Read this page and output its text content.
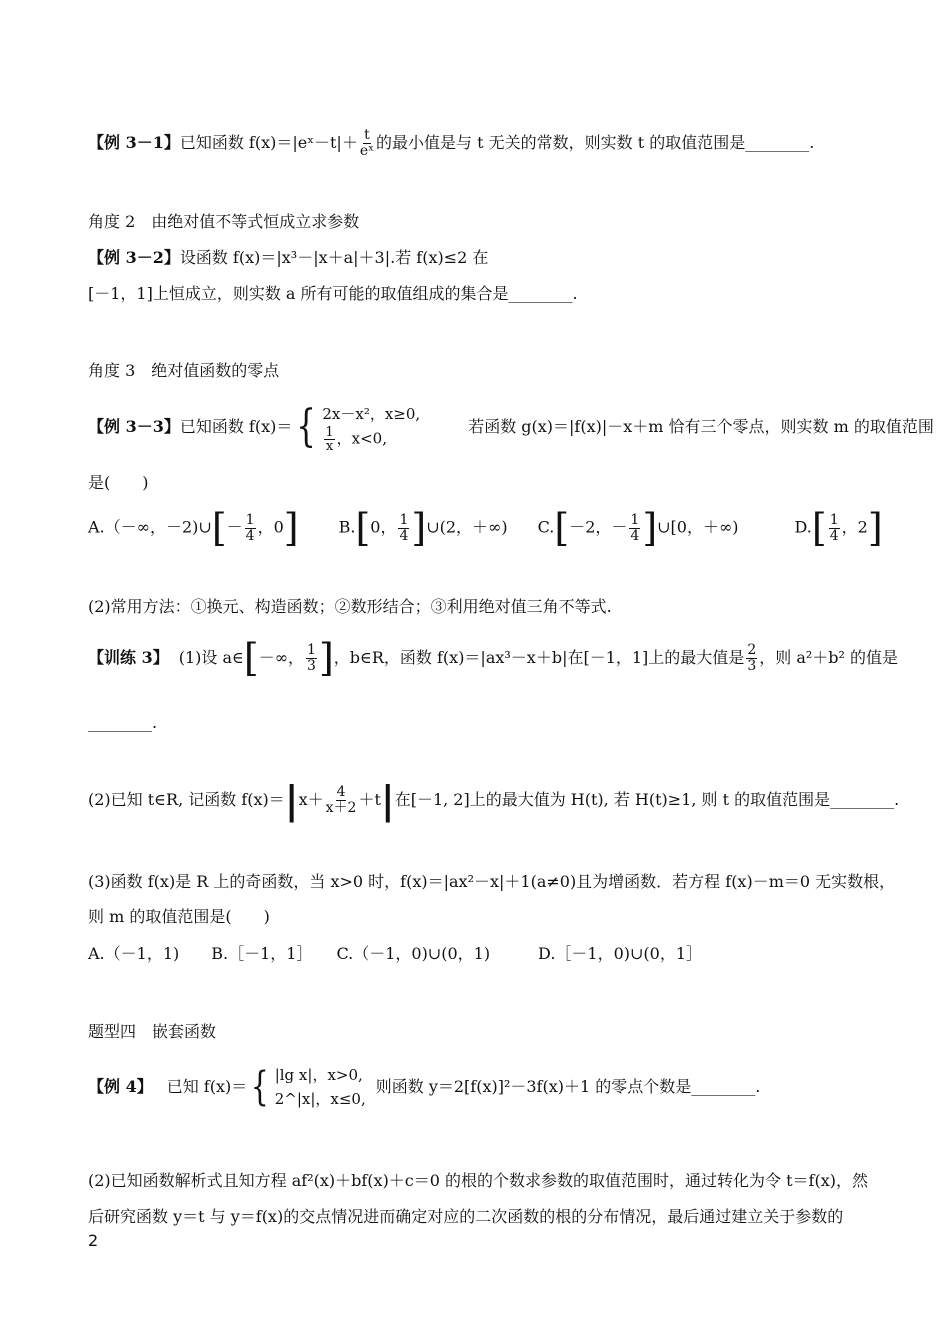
【例 3－1】已知函数 f(x)＝|eˣ－t|＋ $\frac{t}{\text{eˣ}}$ 的最小值是与 t 无关的常数，则实数 t 的取值范围是________.
角度 2　由绝对值不等式恒成立求参数
【例 3－2】设函数 f(x)＝|x³－|x＋a|＋3|.若 f(x)≤2 在
[－1，1]上恒成立，则实数 a 所有可能的取值组成的集合是________.
角度 3　绝对值函数的零点
【例 3－3】 已知函数 f(x)＝ { 2x－x²，x≥0,
$\frac{1}{x}$ ，x<0,
若函数 g(x)＝|f(x)|－x＋m 恰有三个零点，则实数 m 的取值范围
是(　　)
A.（－∞，－2)∪[－ $\frac{1}{4}$ ，0]	B.[0， $\frac{1}{4}$ ]∪(2，＋∞) C.[－2，－ $\frac{1}{4}$ ]∪[0，＋∞)	$D.[ \frac{1}{4}$ ，2]
(2)常用方法：①换元、构造函数；②数形结合；③利用绝对值三角不等式.
【训练 3】 (1)设 a∈ [ －∞， $\frac{1}{3}$ ] ，b∈R，函数 f(x)＝|ax³－x＋b|在[－1，1]上的最大值是 $\frac{2}{3}$ ，则 a²＋b² 的值是
________.
(2)已知 t∈R, 记函数 f(x)＝ | $x+ \frac{4}{x+2} +t$ | 在[－1, 2]上的最大值为 H(t), 若 H(t)≥1, 则 t 的取值范围是________.
(3)函数 f(x)是 R 上的奇函数，当 x>0 时，f(x)＝|ax²－x|＋1(a≠0)且为增函数．若方程 f(x)－m＝0 无实数根，
则 m 的取值范围是(　　)
A.（－1，1)　　B.［－1，1］　　C.（－1，0)∪(0，1)　　　D.［－1，0)∪(0，1］
题型四　嵌套函数
【例 4】 已知 f(x)＝ { |lg x|，x>0,
2^|x|，x≤0,
则函数 y＝2[f(x)]²－3f(x)＋1 的零点个数是________.
(2)已知函数解析式且知方程 af²(x)＋bf(x)＋c＝0 的根的个数求参数的取值范围时，通过转化为令 t＝f(x)，然
后研究函数 y＝t 与 y＝f(x)的交点情况进而确定对应的二次函数的根的分布情况，最后通过建立关于参数的
2
